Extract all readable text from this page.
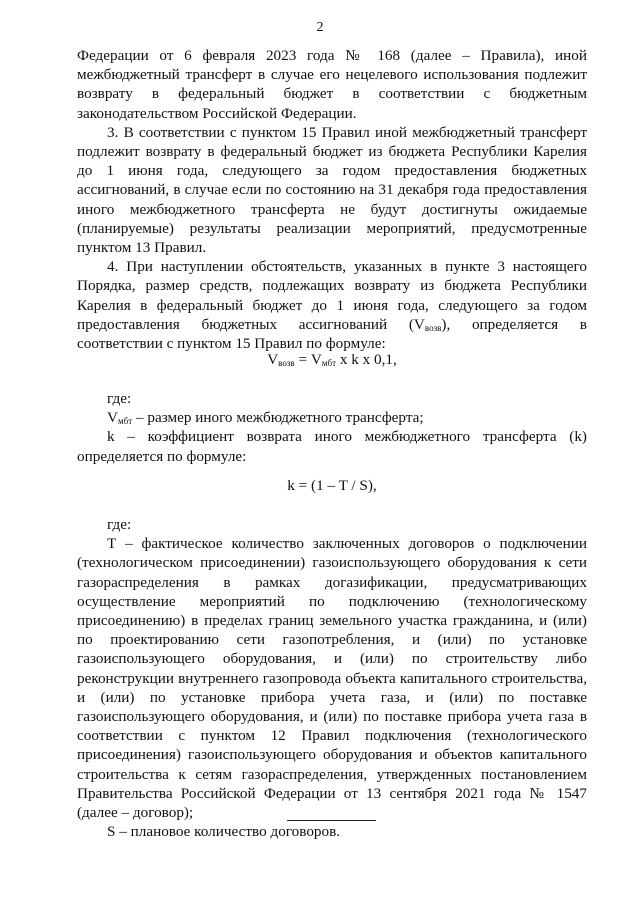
2

Федерации от 6 февраля 2023 года № 168 (далее – Правила), иной межбюджетный трансферт в случае его нецелевого использования подлежит возврату в федеральный бюджет в соответствии с бюджетным законодательством Российской Федерации.

3. В соответствии с пунктом 15 Правил иной межбюджетный трансферт подлежит возврату в федеральный бюджет из бюджета Республики Карелия до 1 июня года, следующего за годом предоставления бюджетных ассигнований, в случае если по состоянию на 31 декабря года предоставления иного межбюджетного трансферта не будут достигнуты ожидаемые (планируемые) результаты реализации мероприятий, предусмотренные пунктом 13 Правил.

4. При наступлении обстоятельств, указанных в пункте 3 настоящего Порядка, размер средств, подлежащих возврату из бюджета Республики Карелия в федеральный бюджет до 1 июня года, следующего за годом предоставления бюджетных ассигнований $(V_{возв})$, определяется в соответствии с пунктом 15 Правил по формуле:

$V_{возв} = V_{мбт}$ x k x 0,1,

где:

$V_{мбт}$ – размер иного межбюджетного трансферта;

k – коэффициент возврата иного межбюджетного трансферта (k) определяется по формуле:

k = (1 – T / S),

где:

Т – фактическое количество заключенных договоров о подключении (технологическом присоединении) газоиспользующего оборудования к сети газораспределения в рамках догазификации, предусматривающих осуществление мероприятий по подключению (технологическому присоединению) в пределах границ земельного участка гражданина, и (или) по проектированию сети газопотребления, и (или) по установке газоиспользующего оборудования, и (или) по строительству либо реконструкции внутреннего газопровода объекта капитального строительства, и (или) по установке прибора учета газа, и (или) по поставке газоиспользующего оборудования, и (или) по поставке прибора учета газа в соответствии с пунктом 12 Правил подключения (технологического присоединения) газоиспользующего оборудования и объектов капитального строительства к сетям газораспределения, утвержденных постановлением Правительства Российской Федерации от 13 сентября 2021 года № 1547 (далее – договор);

S – плановое количество договоров.
